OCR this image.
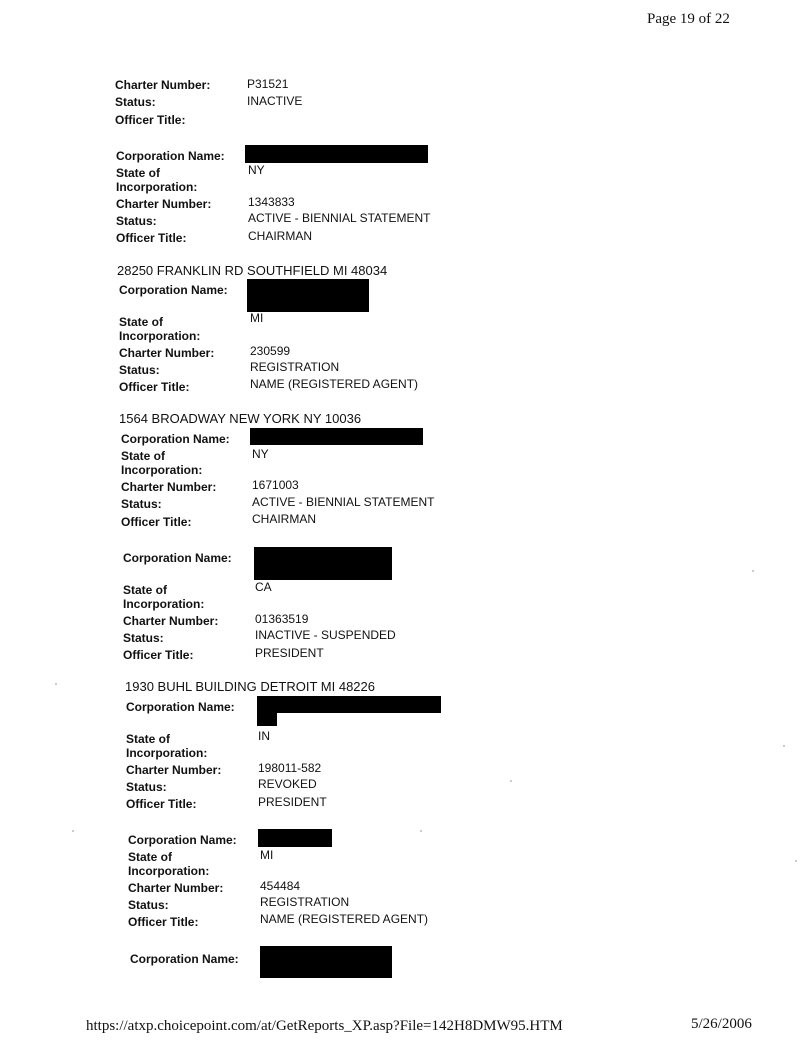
Page 19 of 22
Charter Number:	P31521
Status:	INACTIVE
Officer Title:
Corporation Name:
State of	NY
Incorporation:
Charter Number:	1343833
Status:	ACTIVE - BIENNIAL STATEMENT
Officer Title:	CHAIRMAN
28250 FRANKLIN RD SOUTHFIELD MI 48034
Corporation Name:
State of	MI
Incorporation:
Charter Number:	230599
Status:	REGISTRATION
Officer Title:	NAME (REGISTERED AGENT)
1564 BROADWAY NEW YORK NY 10036
Corporation Name:
State of	NY
Incorporation:
Charter Number:	1671003
Status:	ACTIVE - BIENNIAL STATEMENT
Officer Title:	CHAIRMAN
Corporation Name:
State of	CA
Incorporation:
Charter Number:	01363519
Status:	INACTIVE - SUSPENDED
Officer Title:	PRESIDENT
1930 BUHL BUILDING DETROIT MI 48226
Corporation Name:
State of	IN
Incorporation:
Charter Number:	198011-582
Status:	REVOKED
Officer Title:	PRESIDENT
Corporation Name:
State of	MI
Incorporation:
Charter Number:	454484
Status:	REGISTRATION
Officer Title:	NAME (REGISTERED AGENT)
Corporation Name:
https://atxp.choicepoint.com/at/GetReports_XP.asp?File=142H8DMW95.HTM	5/26/2006
